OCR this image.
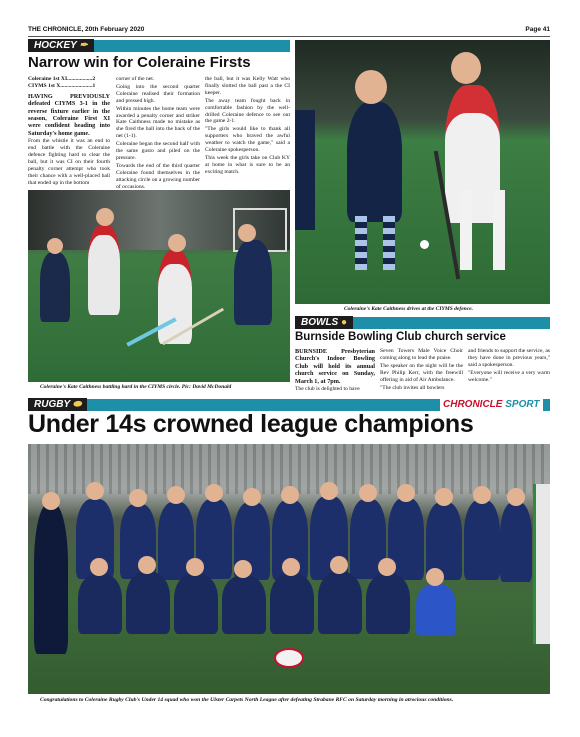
THE CHRONICLE, 20th February 2020	Page 41
HOCKEY ✒
Narrow win for Coleraine Firsts
Coleraine 1st XI..................2
CIYMS 1st X.......................1

HAVING PREVIOUSLY defeated CIYMS 3-1 in the reverse fixture earlier in the season, Coleraine First XI were confident heading into Saturday's home game.

From the whistle it was an end to end battle with the Coleraine defence fighting hard to clear the ball, but it was CI on their fourth penalty corner attempt who took their chance with a well-placed ball that ended up in the bottom

corner of the net.

Going into the second quarter Coleraine realised their formation and pressed high.

Within minutes the home team were awarded a penalty corner and striker Kate Caithness made no mistake as she fired the ball into the back of the net (1-1).

Coleraine began the second half with the same gusto and piled on the pressure.

Towards the end of the third quarter Coleraine found themselves in the attacking circle on a growing number of occasions.

the ball, but it was Kelly Watt who finally slotted the ball past a the CI keeper.

The away team fought back in comfortable fashion by the well-drilled Coleraine defence to see out the game 2-1.

"The girls would like to thank all supporters who braved the awful weather to watch the game," said a Coleraine spokesperson.

This week the girls take on Club KY at home in what is sure to be an exciting match.

Coleraine's Kate Caithness battling hard in the CIYMS circle. Pic: David McDonald
Coleraine's Kate Caithness drives at the CIYMS defence.
BOWLS ●
Burnside Bowling Club church service

BURNSIDE Presbyterian Church's Indoor Bowling Club will hold its annual church service on Sunday, March 1, at 7pm.

The club is delighted to have

Seven Towers Male Voice Choir coming along to lead the praise.

The speaker on the night will be the Rev Philip Kerr, with the freewill offering in aid of Air Ambulance.

"The club invites all bowlers

and friends to support the service, as they have done in previous years," said a spokesperson.

"Everyone will receive a very warm welcome."

RUGBY ⬬	CHRONICLE SPORT
Under 14s crowned league champions
Congratulations to Coleraine Rugby Club's Under 14 squad who won the Ulster Carpets North League after defeating Strabane RFC on Saturday morning in atrocious conditions.
